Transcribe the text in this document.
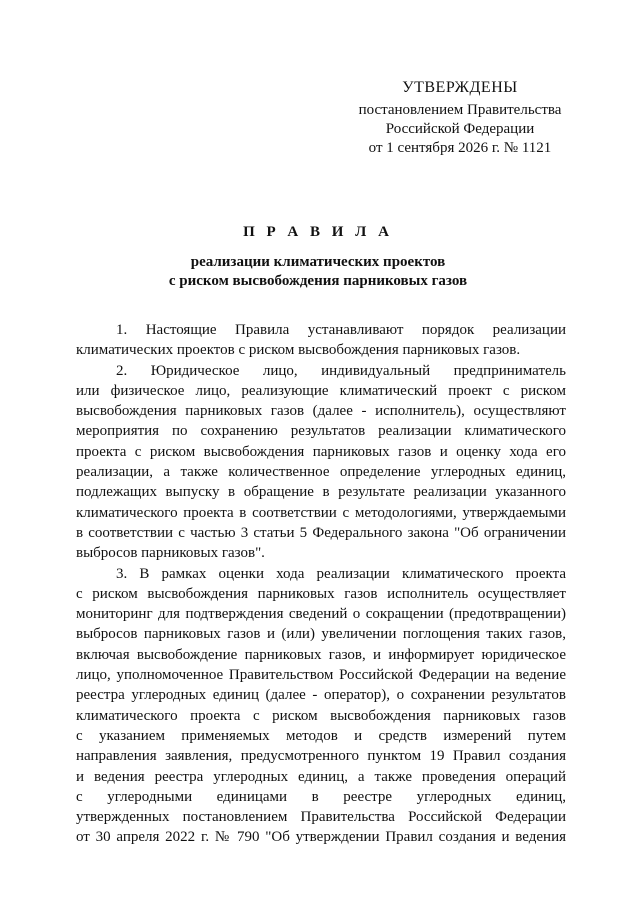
УТВЕРЖДЕНЫ
постановлением Правительства
Российской Федерации
от 1 сентября 2026 г. № 1121
П Р А В И Л А
реализации климатических проектов
с риском высвобождения парниковых газов
1. Настоящие Правила устанавливают порядок реализации
климатических проектов с риском высвобождения парниковых газов.
2. Юридическое лицо, индивидуальный предприниматель
или физическое лицо, реализующие климатический проект с риском
высвобождения парниковых газов (далее - исполнитель), осуществляют
мероприятия по сохранению результатов реализации климатического
проекта с риском высвобождения парниковых газов и оценку хода его
реализации, а также количественное определение углеродных единиц,
подлежащих выпуску в обращение в результате реализации указанного
климатического проекта в соответствии с методологиями, утверждаемыми
в соответствии с частью 3 статьи 5 Федерального закона "Об ограничении
выбросов парниковых газов".
3. В рамках оценки хода реализации климатического проекта
с риском высвобождения парниковых газов исполнитель осуществляет
мониторинг для подтверждения сведений о сокращении (предотвращении)
выбросов парниковых газов и (или) увеличении поглощения таких газов,
включая высвобождение парниковых газов, и информирует юридическое
лицо, уполномоченное Правительством Российской Федерации на ведение
реестра углеродных единиц (далее - оператор), о сохранении результатов
климатического проекта с риском высвобождения парниковых газов
с указанием применяемых методов и средств измерений путем
направления заявления, предусмотренного пунктом 19 Правил создания
и ведения реестра углеродных единиц, а также проведения операций
с углеродными единицами в реестре углеродных единиц,
утвержденных постановлением Правительства Российской Федерации
от 30 апреля 2022 г. № 790 "Об утверждении Правил создания и ведения
